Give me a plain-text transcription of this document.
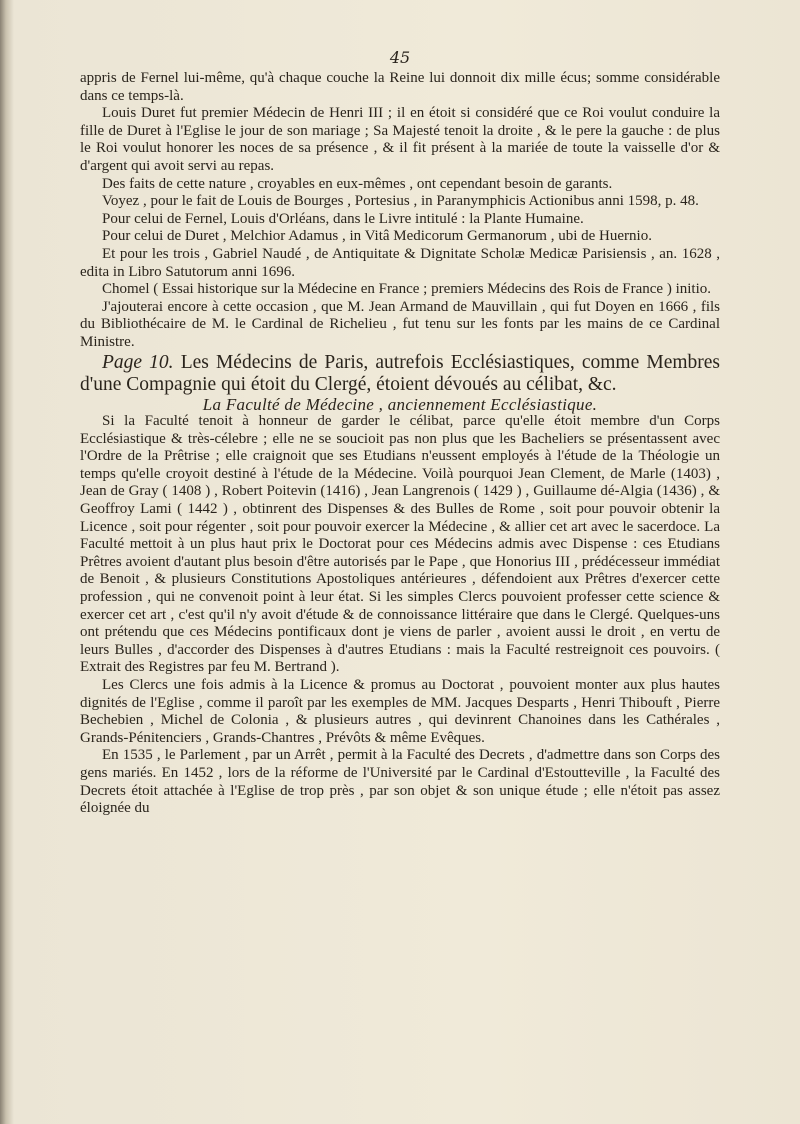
45

appris de Fernel lui-même, qu'à chaque couche la Reine lui donnoit dix mille écus; somme considérable dans ce temps-là.

Louis Duret fut premier Médecin de Henri III ; il en étoit si considéré que ce Roi voulut conduire la fille de Duret à l'Eglise le jour de son mariage ; Sa Majesté tenoit la droite , & le pere la gauche : de plus le Roi voulut honorer les noces de sa présence , & il fit présent à la mariée de toute la vaisselle d'or & d'argent qui avoit servi au repas.

Des faits de cette nature , croyables en eux-mêmes , ont cependant besoin de garants.

Voyez , pour le fait de Louis de Bourges , Portesius , in Paranymphicis Actionibus anni 1598, p. 48.

Pour celui de Fernel, Louis d'Orléans, dans le Livre intitulé : la Plante Humaine.

Pour celui de Duret , Melchior Adamus , in Vitâ Medicorum Germanorum , ubi de Huernio.

Et pour les trois , Gabriel Naudé , de Antiquitate & Dignitate Scholæ Medicæ Parisiensis , an. 1628 , edita in Libro Satutorum anni 1696.

Chomel ( Essai historique sur la Médecine en France ; premiers Médecins des Rois de France ) initio.

J'ajouterai encore à cette occasion , que M. Jean Armand de Mauvillain , qui fut Doyen en 1666 , fils du Bibliothécaire de M. le Cardinal de Richelieu , fut tenu sur les fonts par les mains de ce Cardinal Ministre.

Page 10. Les Médecins de Paris, autrefois Ecclésiastiques, comme Membres d'une Compagnie qui étoit du Clergé, étoient dévoués au célibat, &c.

La Faculté de Médecine , anciennement Ecclésiastique.

Si la Faculté tenoit à honneur de garder le célibat, parce qu'elle étoit membre d'un Corps Ecclésiastique & très-célebre ; elle ne se soucioit pas non plus que les Bacheliers se présentassent avec l'Ordre de la Prêtrise ; elle craignoit que ses Etudians n'eussent employés à l'étude de la Théologie un temps qu'elle croyoit destiné à l'étude de la Médecine. Voilà pourquoi Jean Clement, de Marle (1403) , Jean de Gray ( 1408 ) , Robert Poitevin (1416) , Jean Langrenois ( 1429 ) , Guillaume dé-Algia (1436) , & Geoffroy Lami ( 1442 ) , obtinrent des Dispenses & des Bulles de Rome , soit pour pouvoir obtenir la Licence , soit pour régenter , soit pour pouvoir exercer la Médecine , & allier cet art avec le sacerdoce. La Faculté mettoit à un plus haut prix le Doctorat pour ces Médecins admis avec Dispense : ces Etudians Prêtres avoient d'autant plus besoin d'être autorisés par le Pape , que Honorius III , prédécesseur immédiat de Benoit , & plusieurs Constitutions Apostoliques antérieures , défendoient aux Prêtres d'exercer cette profession , qui ne convenoit point à leur état. Si les simples Clercs pouvoient professer cette science & exercer cet art , c'est qu'il n'y avoit d'étude & de connoissance littéraire que dans le Clergé. Quelques-uns ont prétendu que ces Médecins pontificaux dont je viens de parler , avoient aussi le droit , en vertu de leurs Bulles , d'accorder des Dispenses à d'autres Etudians : mais la Faculté restreignoit ces pouvoirs. ( Extrait des Registres par feu M. Bertrand ).

Les Clercs une fois admis à la Licence & promus au Doctorat , pouvoient monter aux plus hautes dignités de l'Eglise , comme il paroît par les exemples de MM. Jacques Desparts , Henri Thibouft , Pierre Bechebien , Michel de Colonia , & plusieurs autres , qui devinrent Chanoines dans les Cathérales , Grands-Pénitenciers , Grands-Chantres , Prévôts & même Evêques.

En 1535 , le Parlement , par un Arrêt , permit à la Faculté des Decrets , d'admettre dans son Corps des gens mariés. En 1452 , lors de la réforme de l'Université par le Cardinal d'Estoutteville , la Faculté des Decrets étoit attachée à l'Eglise de trop près , par son objet & son unique étude ; elle n'étoit pas assez éloignée du
